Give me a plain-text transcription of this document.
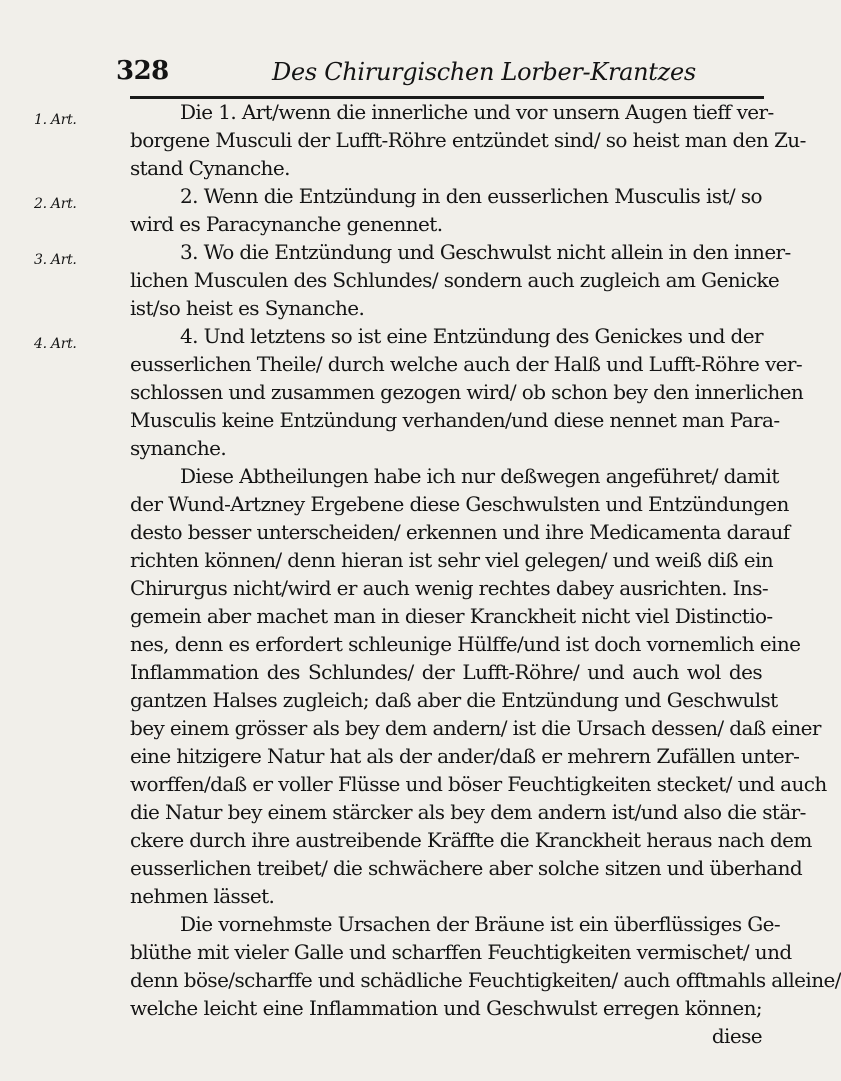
328	Des Chirurgischen Lorber-Krantzes
1. Art.
2. Art.
3. Art.
4. Art.
Die 1. Art/wenn die innerliche und vor unsern Augen tieff ver-
borgene Musculi der Lufft-Röhre entzündet sind/ so heist man den Zu-
stand Cynanche.
2. Wenn die Entzündung in den eusserlichen Musculis ist/ so
wird es Paracynanche genennet.
3. Wo die Entzündung und Geschwulst nicht allein in den inner-
lichen Musculen des Schlundes/ sondern auch zugleich am Genicke
ist/so heist es Synanche.
4. Und letztens so ist eine Entzündung des Genickes und der
eusserlichen Theile/ durch welche auch der Halß und Lufft-Röhre ver-
schlossen und zusammen gezogen wird/ ob schon bey den innerlichen
Musculis keine Entzündung verhanden/und diese nennet man Para-
synanche.
Diese Abtheilungen habe ich nur deßwegen angeführet/ damit
der Wund-Artzney Ergebene diese Geschwulsten und Entzündungen
desto besser unterscheiden/ erkennen und ihre Medicamenta darauf
richten können/ denn hieran ist sehr viel gelegen/ und weiß diß ein
Chirurgus nicht/wird er auch wenig rechtes dabey ausrichten. Ins-
gemein aber machet man in dieser Kranckheit nicht viel Distinctio-
nes, denn es erfordert schleunige Hülffe/und ist doch vornemlich eine
Inflammation des Schlundes/ der Lufft-Röhre/ und auch wol des
gantzen Halses zugleich; daß aber die Entzündung und Geschwulst
bey einem grösser als bey dem andern/ ist die Ursach dessen/ daß einer
eine hitzigere Natur hat als der ander/daß er mehrern Zufällen unter-
worffen/daß er voller Flüsse und böser Feuchtigkeiten stecket/ und auch
die Natur bey einem stärcker als bey dem andern ist/und also die stär-
ckere durch ihre austreibende Kräffte die Kranckheit heraus nach dem
eusserlichen treibet/ die schwächere aber solche sitzen und überhand
nehmen lässet.
Die vornehmste Ursachen der Bräune ist ein überflüssiges Ge-
blüthe mit vieler Galle und scharffen Feuchtigkeiten vermischet/ und
denn böse/scharffe und schädliche Feuchtigkeiten/ auch offtmahls alleine/
welche leicht eine Inflammation und Geschwulst erregen können;
diese
